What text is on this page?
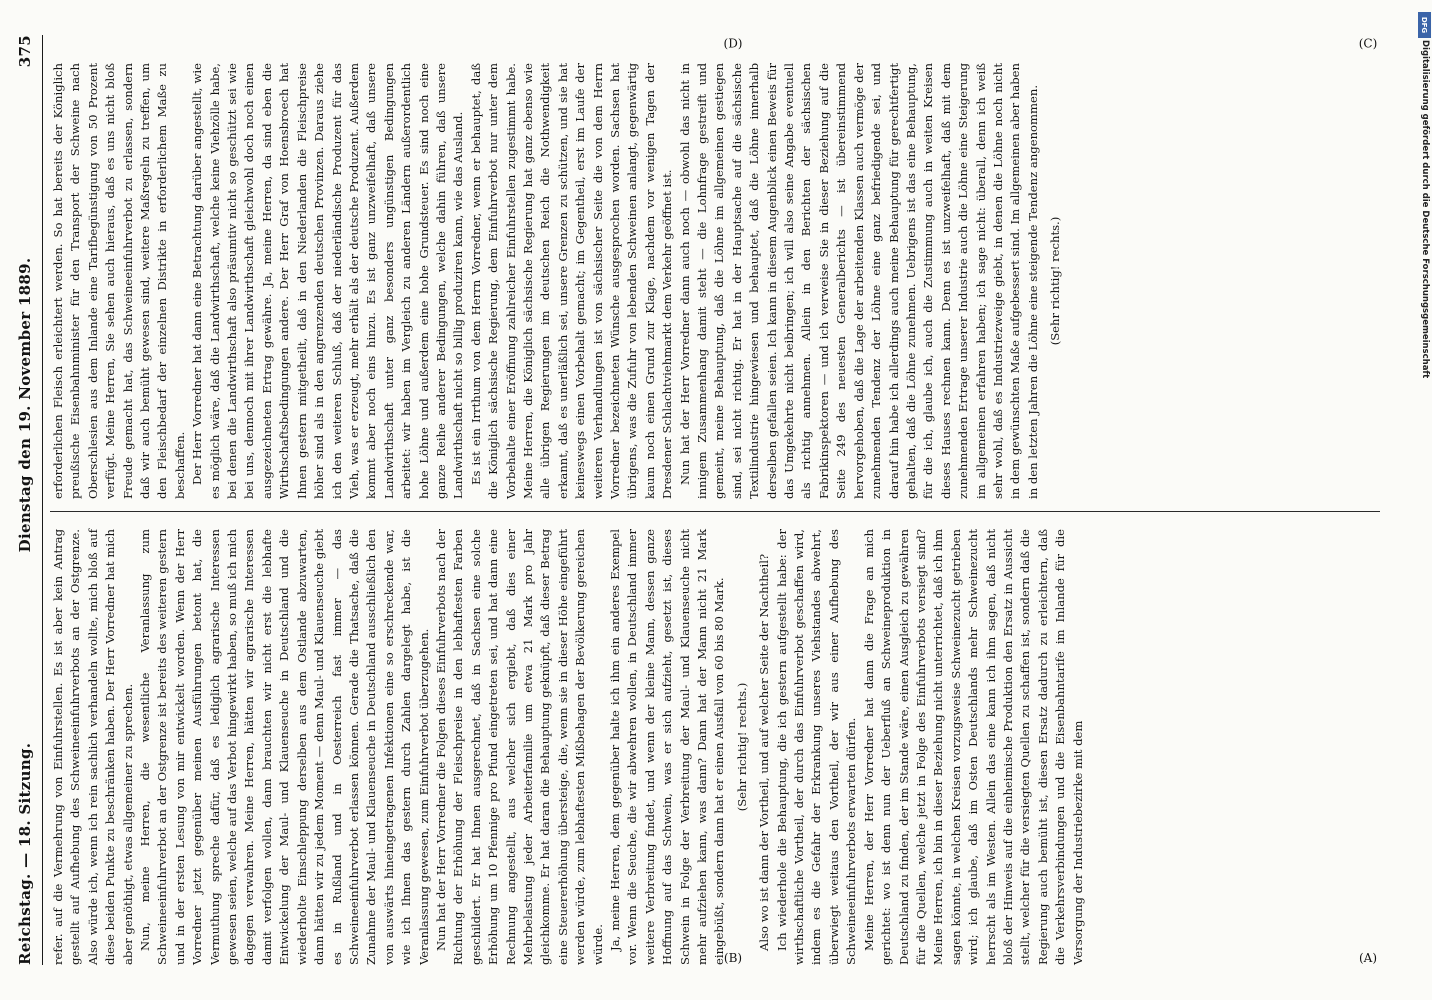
Reichstag. — 18. Sitzung.
Dienstag den 19. November 1889.
375

refer. auf die Vermehrung von Einfuhrstellen. Es ist aber kein Antrag gestellt auf Aufhebung des Schweineeinfuhrverbots an der Ostgrenze. Also würde ich, wenn ich rein sachlich verhandeln wollte, mich bloß auf diese beiden Punkte zu beschränken haben. Der Herr Vorredner hat mich aber genöthigt, etwas allgemeiner zu sprechen. Nun, meine Herren, die wesentliche Veranlassung zum Schweineeinfuhrverbot an der Ostgrenze ist bereits des weiteren gestern und in der ersten Lesung von mir entwickelt worden. Wenn der Herr Vorredner jetzt gegenüber meinen Ausführungen betont hat, die Vermuthung spreche dafür, daß es lediglich agrarische Interessen gewesen seien, welche auf das Verbot hingewirkt haben, so muß ich mich dagegen verwahren. Meine Herren, hätten wir agrarische Interessen damit verfolgen wollen, dann brauchten wir nicht erst die lebhafte Entwickelung der Maul- und Klauenseuche in Deutschland und die wiederholte Einschleppung derselben aus dem Ostlande abzuwarten, dann hätten wir zu jedem Moment — denn Maul- und Klauenseuche giebt es in Rußland und in Oesterreich fast immer — das Schweineeinfuhrverbot erlassen können. Gerade die Thatsache, daß die Zunahme der Maul- und Klauenseuche in Deutschland ausschließlich den von auswärts hineingetragenen Infektionen eine so erschreckende war, wie ich Ihnen das gestern durch Zahlen dargelegt habe, ist die Veranlassung gewesen, zum Einfuhrverbot überzugehen. Nun hat der Herr Vorredner die Folgen dieses Einfuhrverbots nach der Richtung der Erhöhung der Fleischpreise in den lebhaftesten Farben geschildert. Er hat Ihnen ausgerechnet, daß in Sachsen eine solche Erhöhung um 10 Pfennige pro Pfund eingetreten sei, und hat dann eine Rechnung angestellt, aus welcher sich ergiebt, daß dies einer Mehrbelastung jeder Arbeiterfamilie um etwa 21 Mark pro Jahr gleichkomme. Er hat daran die Behauptung geknüpft, daß dieser Betrag eine Steuererhöhung übersteige, die, wenn sie in dieser Höhe eingeführt werden würde, zum lebhaftesten Mißbehagen der Bevölkerung gereichen würde. Ja, meine Herren, dem gegenüber halte ich ihm ein anderes Exempel vor. Wenn die Seuche, die wir abwehren wollen, in Deutschland immer weitere Verbreitung findet, und wenn der kleine Mann, dessen ganze Hoffnung auf das Schwein, was er sich aufzieht, gesetzt ist, dieses Schwein in Folge der Verbreitung der Maul- und Klauenseuche nicht mehr aufziehen kann, was dann? Dann hat der Mann nicht 21 Mark eingebüßt, sondern dann hat er einen Ausfall von 60 bis 80 Mark. (Sehr richtig! rechts.) Also wo ist dann der Vortheil, und auf welcher Seite der Nachtheil? Ich wiederhole die Behauptung, die ich gestern aufgestellt habe: der wirthschaftliche Vortheil, der durch das Einfuhrverbot geschaffen wird, indem es die Gefahr der Erkrankung unseres Viehstandes abwehrt, überwiegt weitaus den Vortheil, der wir aus einer Aufhebung des Schweineeinfuhrverbots erwarten dürfen. Meine Herren, der Herr Vorredner hat dann die Frage an mich gerichtet: wo ist denn nun der Ueberfluß an Schweineproduktion in Deutschland zu finden, der im Stande wäre, einen Ausgleich zu gewähren für die Quellen, welche jetzt in Folge des Einfuhrverbots versiegt sind? Meine Herren, ich bin in dieser Beziehung nicht unterrichtet, daß ich ihm sagen könnte, in welchen Kreisen vorzugsweise Schweinezucht getrieben wird; ich glaube, daß im Osten Deutschlands mehr Schweinezucht herrscht als im Westen. Allein das eine kann ich ihm sagen, daß nicht bloß der Hinweis auf die einheimische Produktion den Ersatz in Aussicht stellt, welcher für die versiegten Quellen zu schaffen ist, sondern daß die Regierung auch bemüht ist, diesen Ersatz dadurch zu erleichtern, daß die Verkehrsverbindungen und die Eisenbahntarife im Inlande für die Versorgung der Industriebezirke mit dem

erforderlichen Fleisch erleichtert werden. So hat bereits der Königlich preußische Eisenbahnminister für den Transport der Schweine nach Oberschlesien aus dem Inlande eine Tarifbegünstigung von 50 Prozent verfügt. Meine Herren, Sie sehen auch hieraus, daß es uns nicht bloß Freude gemacht hat, das Schweineeinfuhrverbot zu erlassen, sondern daß wir auch bemüht gewesen sind, weitere Maßregeln zu treffen, um den Fleischbedarf der einzelnen Distrikte in erforderlichem Maße zu beschaffen. Der Herr Vorredner hat dann eine Betrachtung darüber angestellt, wie es möglich wäre, daß die Landwirthschaft, welche keine Viehzölle habe, bei denen die Landwirthschaft also präsumtiv nicht so geschützt sei wie bei uns, dennoch mit ihrer Landwirthschaft gleichwohl doch noch einen ausgezeichneten Ertrag gewähre. Ja, meine Herren, da sind eben die Wirthschaftsbedingungen andere. Der Herr Graf von Hoensbroech hat Ihnen gestern mitgetheilt, daß in den Niederlanden die Fleischpreise höher sind als in den angrenzenden deutschen Provinzen. Daraus ziehe ich den weiteren Schluß, daß der niederländische Produzent für das Vieh, was er erzeugt, mehr erhält als der deutsche Produzent. Außerdem kommt aber noch eins hinzu. Es ist ganz unzweifelhaft, daß unsere Landwirthschaft unter ganz besonders ungünstigen Bedingungen arbeitet: wir haben im Vergleich zu anderen Ländern außerordentlich hohe Löhne und außerdem eine hohe Grundsteuer. Es sind noch eine ganze Reihe anderer Bedingungen, welche dahin führen, daß unsere Landwirthschaft nicht so billig produziren kann, wie das Ausland. Es ist ein Irrthum von dem Herrn Vorredner, wenn er behauptet, daß die Königlich sächsische Regierung, dem Einfuhrverbot nur unter dem Vorbehalte einer Eröffnung zahlreicher Einfuhrstellen zugestimmt habe. Meine Herren, die Königlich sächsische Regierung hat ganz ebenso wie alle übrigen Regierungen im deutschen Reich die Nothwendigkeit erkannt, daß es unerläßlich sei, unsere Grenzen zu schützen, und sie hat keineswegs einen Vorbehalt gemacht; im Gegentheil, erst im Laufe der weiteren Verhandlungen ist von sächsischer Seite die von dem Herrn Vorredner bezeichneten Wünsche ausgesprochen worden. Sachsen hat übrigens, was die Zufuhr von lebenden Schweinen anlangt, gegenwärtig kaum noch einen Grund zur Klage, nachdem vor wenigen Tagen der Dresdener Schlachtviehmarkt dem Verkehr geöffnet ist. Nun hat der Herr Vorredner dann auch noch — obwohl das nicht in innigem Zusammenhang damit steht — die Lohnfrage gestreift und gemeint, meine Behauptung, daß die Löhne im allgemeinen gestiegen sind, sei nicht richtig. Er hat in der Hauptsache auf die sächsische Textilindustrie hingewiesen und behauptet, daß die Löhne innerhalb derselben gefallen seien. Ich kann in diesem Augenblick einen Beweis für das Umgekehrte nicht beibringen; ich will also seine Angabe eventuell als richtig annehmen. Allein in den Berichten der sächsischen Fabrikinspektoren — und ich verweise Sie in dieser Beziehung auf die Seite 249 des neuesten Generalberichts — ist übereinstimmend hervorgehoben, daß die Lage der arbeitenden Klassen auch vermöge der zunehmenden Tendenz der Löhne eine ganz befriedigende sei, und darauf hin habe ich allerdings auch meine Behauptung für gerechtfertigt gehalten, daß die Löhne zunehmen. Uebrigens ist das eine Behauptung, für die ich, glaube ich, auch die Zustimmung auch in weiten Kreisen dieses Hauses rechnen kann. Denn es ist unzweifelhaft, daß mit dem zunehmenden Ertrage unserer Industrie auch die Löhne eine Steigerung im allgemeinen erfahren haben; ich sage nicht: überall, denn ich weiß sehr wohl, daß es Industriezweige giebt, in denen die Löhne noch nicht in dem gewünschten Maße aufgebessert sind. Im allgemeinen aber haben in den letzten Jahren die Löhne eine steigende Tendenz angenommen. (Sehr richtig! rechts.)

(A)
(B)
(C)
(D)
DFG
Digitalisierung gefördert durch die Deutsche Forschungsgemeinschaft
